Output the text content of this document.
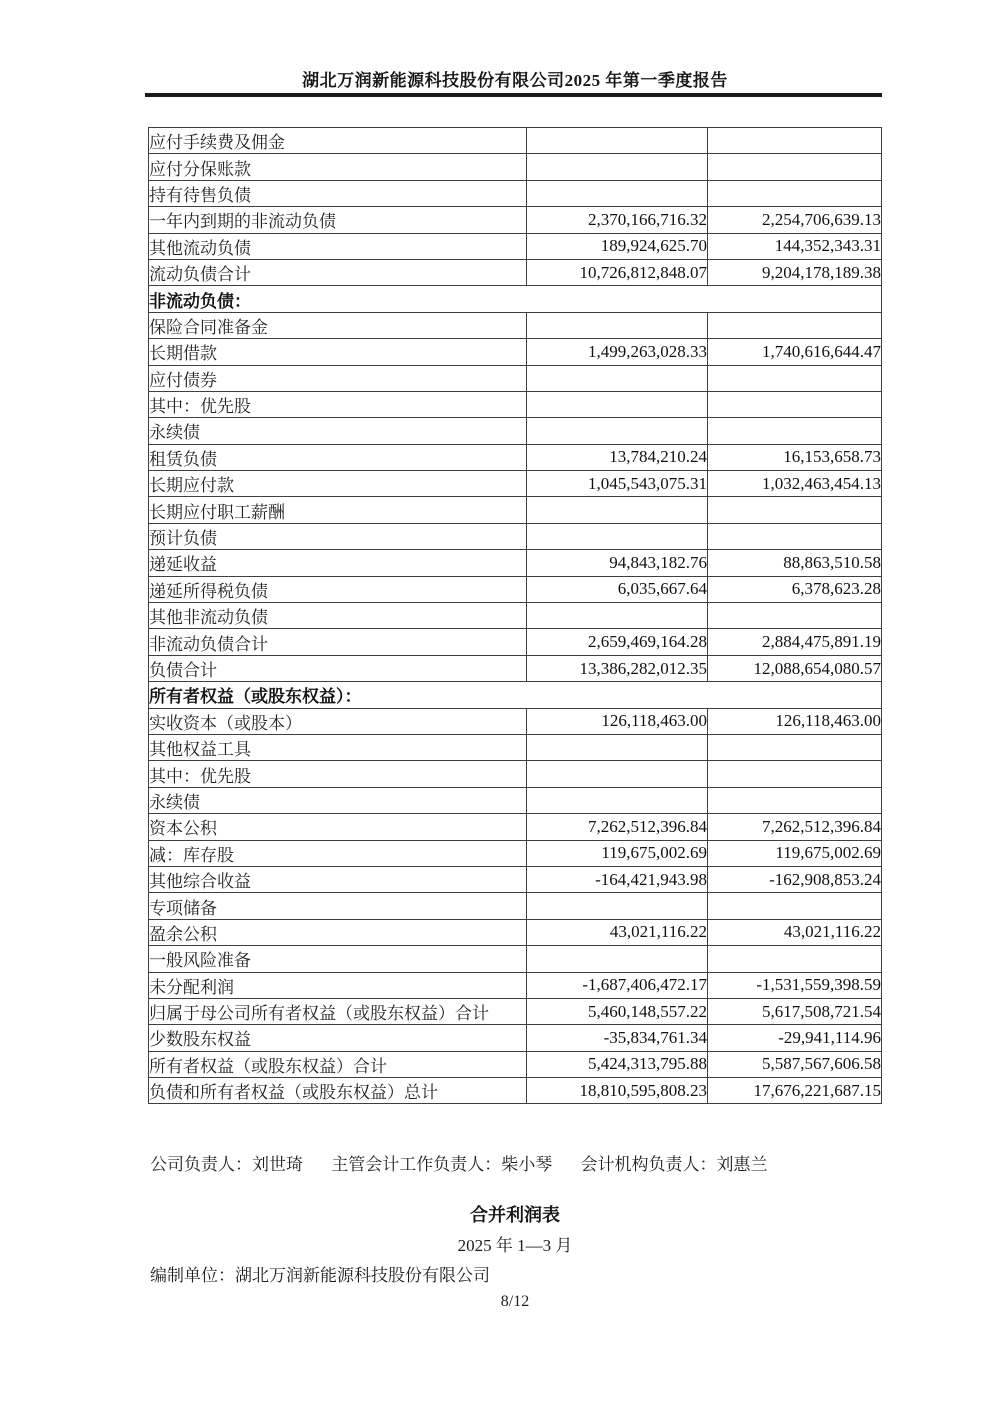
湖北万润新能源科技股份有限公司2025 年第一季度报告
应付手续费及佣金		
应付分保账款		
持有待售负债		
一年内到期的非流动负债	2,370,166,716.32	2,254,706,639.13
其他流动负债	189,924,625.70	144,352,343.31
流动负债合计	10,726,812,848.07	9,204,178,189.38
非流动负债：		
保险合同准备金		
长期借款	1,499,263,028.33	1,740,616,644.47
应付债券		
其中：优先股		
永续债		
租赁负债	13,784,210.24	16,153,658.73
长期应付款	1,045,543,075.31	1,032,463,454.13
长期应付职工薪酬		
预计负债		
递延收益	94,843,182.76	88,863,510.58
递延所得税负债	6,035,667.64	6,378,623.28
其他非流动负债		
非流动负债合计	2,659,469,164.28	2,884,475,891.19
负债合计	13,386,282,012.35	12,088,654,080.57
所有者权益（或股东权益）：		
实收资本（或股本）	126,118,463.00	126,118,463.00
其他权益工具		
其中：优先股		
永续债		
资本公积	7,262,512,396.84	7,262,512,396.84
减：库存股	119,675,002.69	119,675,002.69
其他综合收益	-164,421,943.98	-162,908,853.24
专项储备		
盈余公积	43,021,116.22	43,021,116.22
一般风险准备		
未分配利润	-1,687,406,472.17	-1,531,559,398.59
归属于母公司所有者权益（或股东权益）合计	5,460,148,557.22	5,617,508,721.54
少数股东权益	-35,834,761.34	-29,941,114.96
所有者权益（或股东权益）合计	5,424,313,795.88	5,587,567,606.58
负债和所有者权益（或股东权益）总计	18,810,595,808.23	17,676,221,687.15
公司负责人：刘世琦 主管会计工作负责人：柴小琴 会计机构负责人：刘惠兰
合并利润表
2025 年 1—3 月
编制单位：湖北万润新能源科技股份有限公司
8/12
